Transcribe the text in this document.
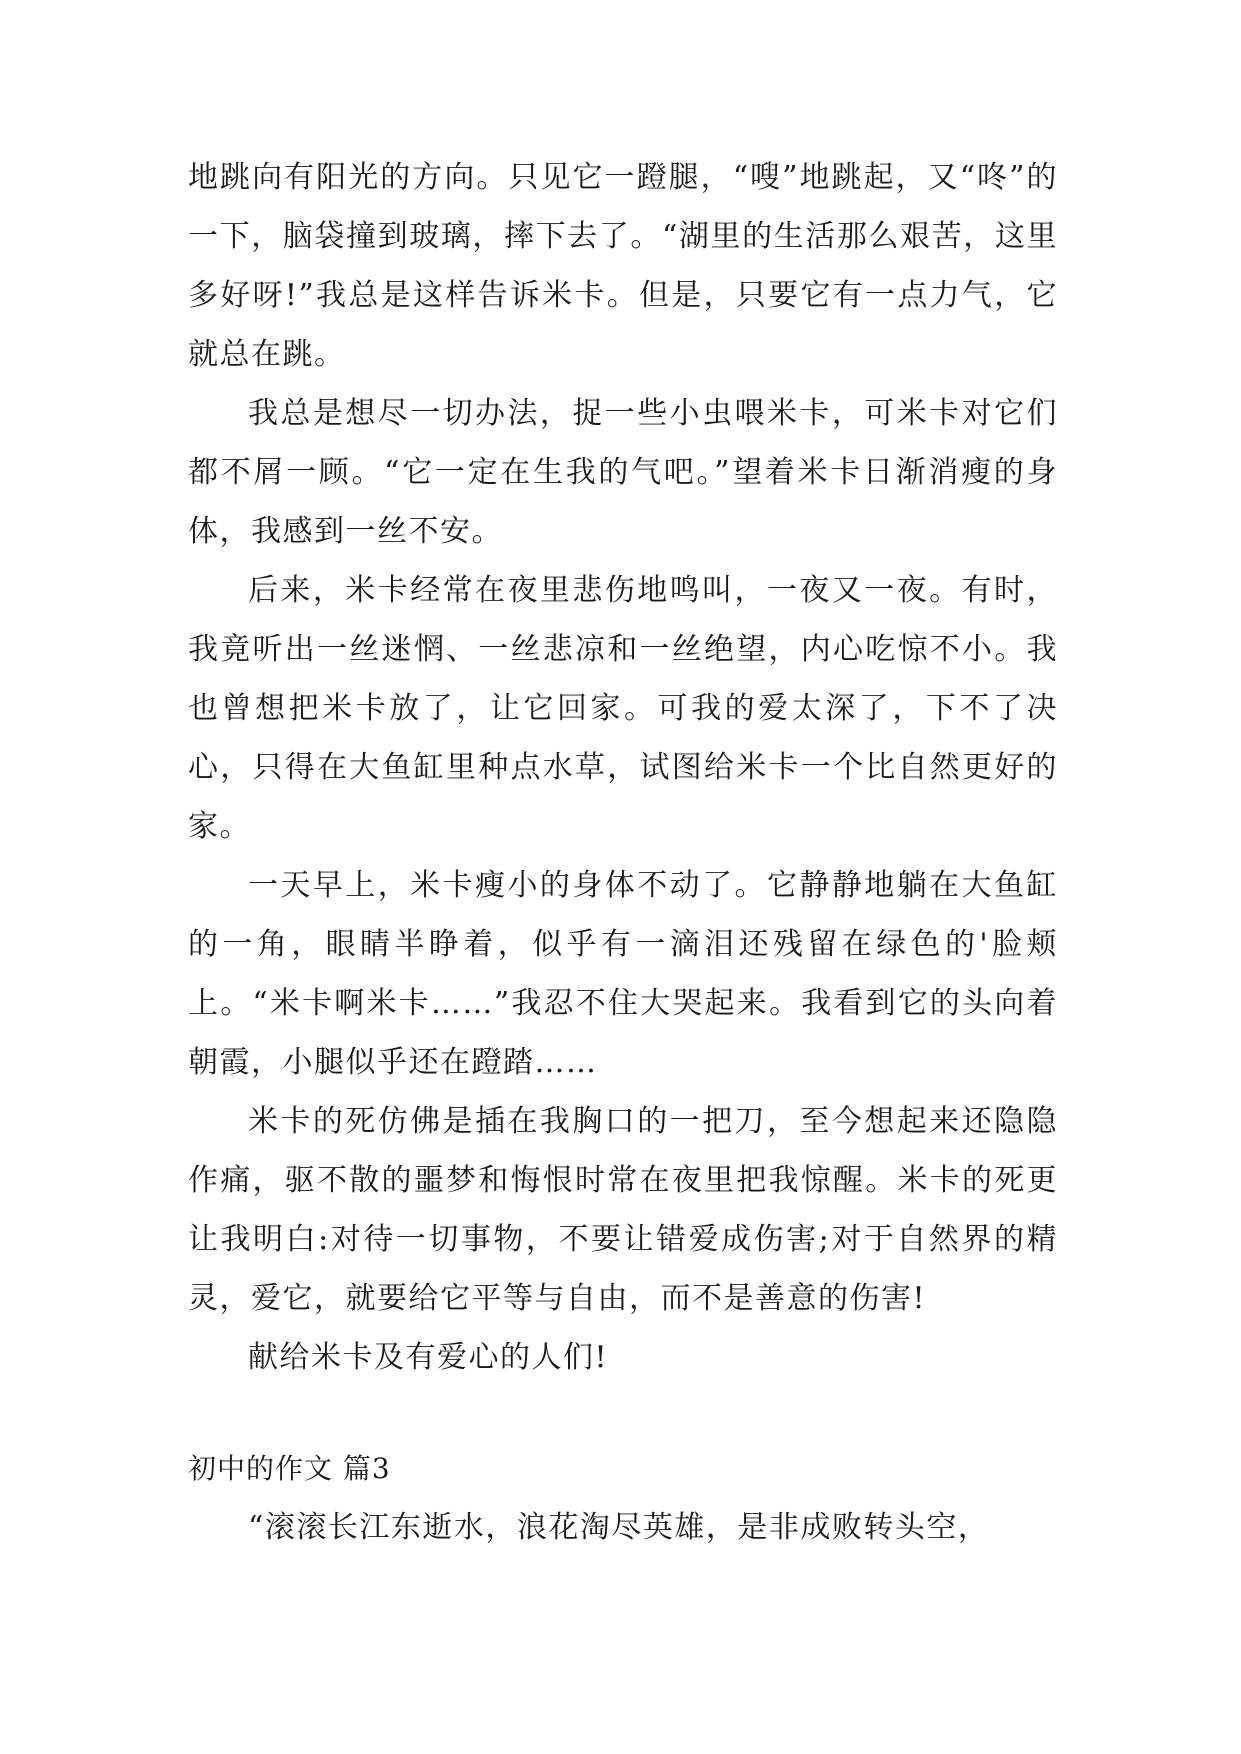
地跳向有阳光的方向。只见它一蹬腿，“嗖”地跳起，又“咚”的一下，脑袋撞到玻璃，摔下去了。“湖里的生活那么艰苦，这里多好呀!”我总是这样告诉米卡。但是，只要它有一点力气，它就总在跳。

我总是想尽一切办法，捉一些小虫喂米卡，可米卡对它们都不屑一顾。“它一定在生我的气吧。”望着米卡日渐消瘦的身体，我感到一丝不安。

后来，米卡经常在夜里悲伤地鸣叫，一夜又一夜。有时，我竟听出一丝迷惘、一丝悲凉和一丝绝望，内心吃惊不小。我也曾想把米卡放了，让它回家。可我的爱太深了，下不了决心，只得在大鱼缸里种点水草，试图给米卡一个比自然更好的家。

一天早上，米卡瘦小的身体不动了。它静静地躺在大鱼缸的一角，眼睛半睁着，似乎有一滴泪还残留在绿色的'脸颊上。“米卡啊米卡……”我忍不住大哭起来。我看到它的头向着朝霞，小腿似乎还在蹬踏……

米卡的死仿佛是插在我胸口的一把刀，至今想起来还隐隐作痛，驱不散的噩梦和悔恨时常在夜里把我惊醒。米卡的死更让我明白:对待一切事物，不要让错爱成伤害;对于自然界的精灵，爱它，就要给它平等与自由，而不是善意的伤害!

献给米卡及有爱心的人们!

初中的作文 篇3

“滚滚长江东逝水，浪花淘尽英雄，是非成败转头空，
